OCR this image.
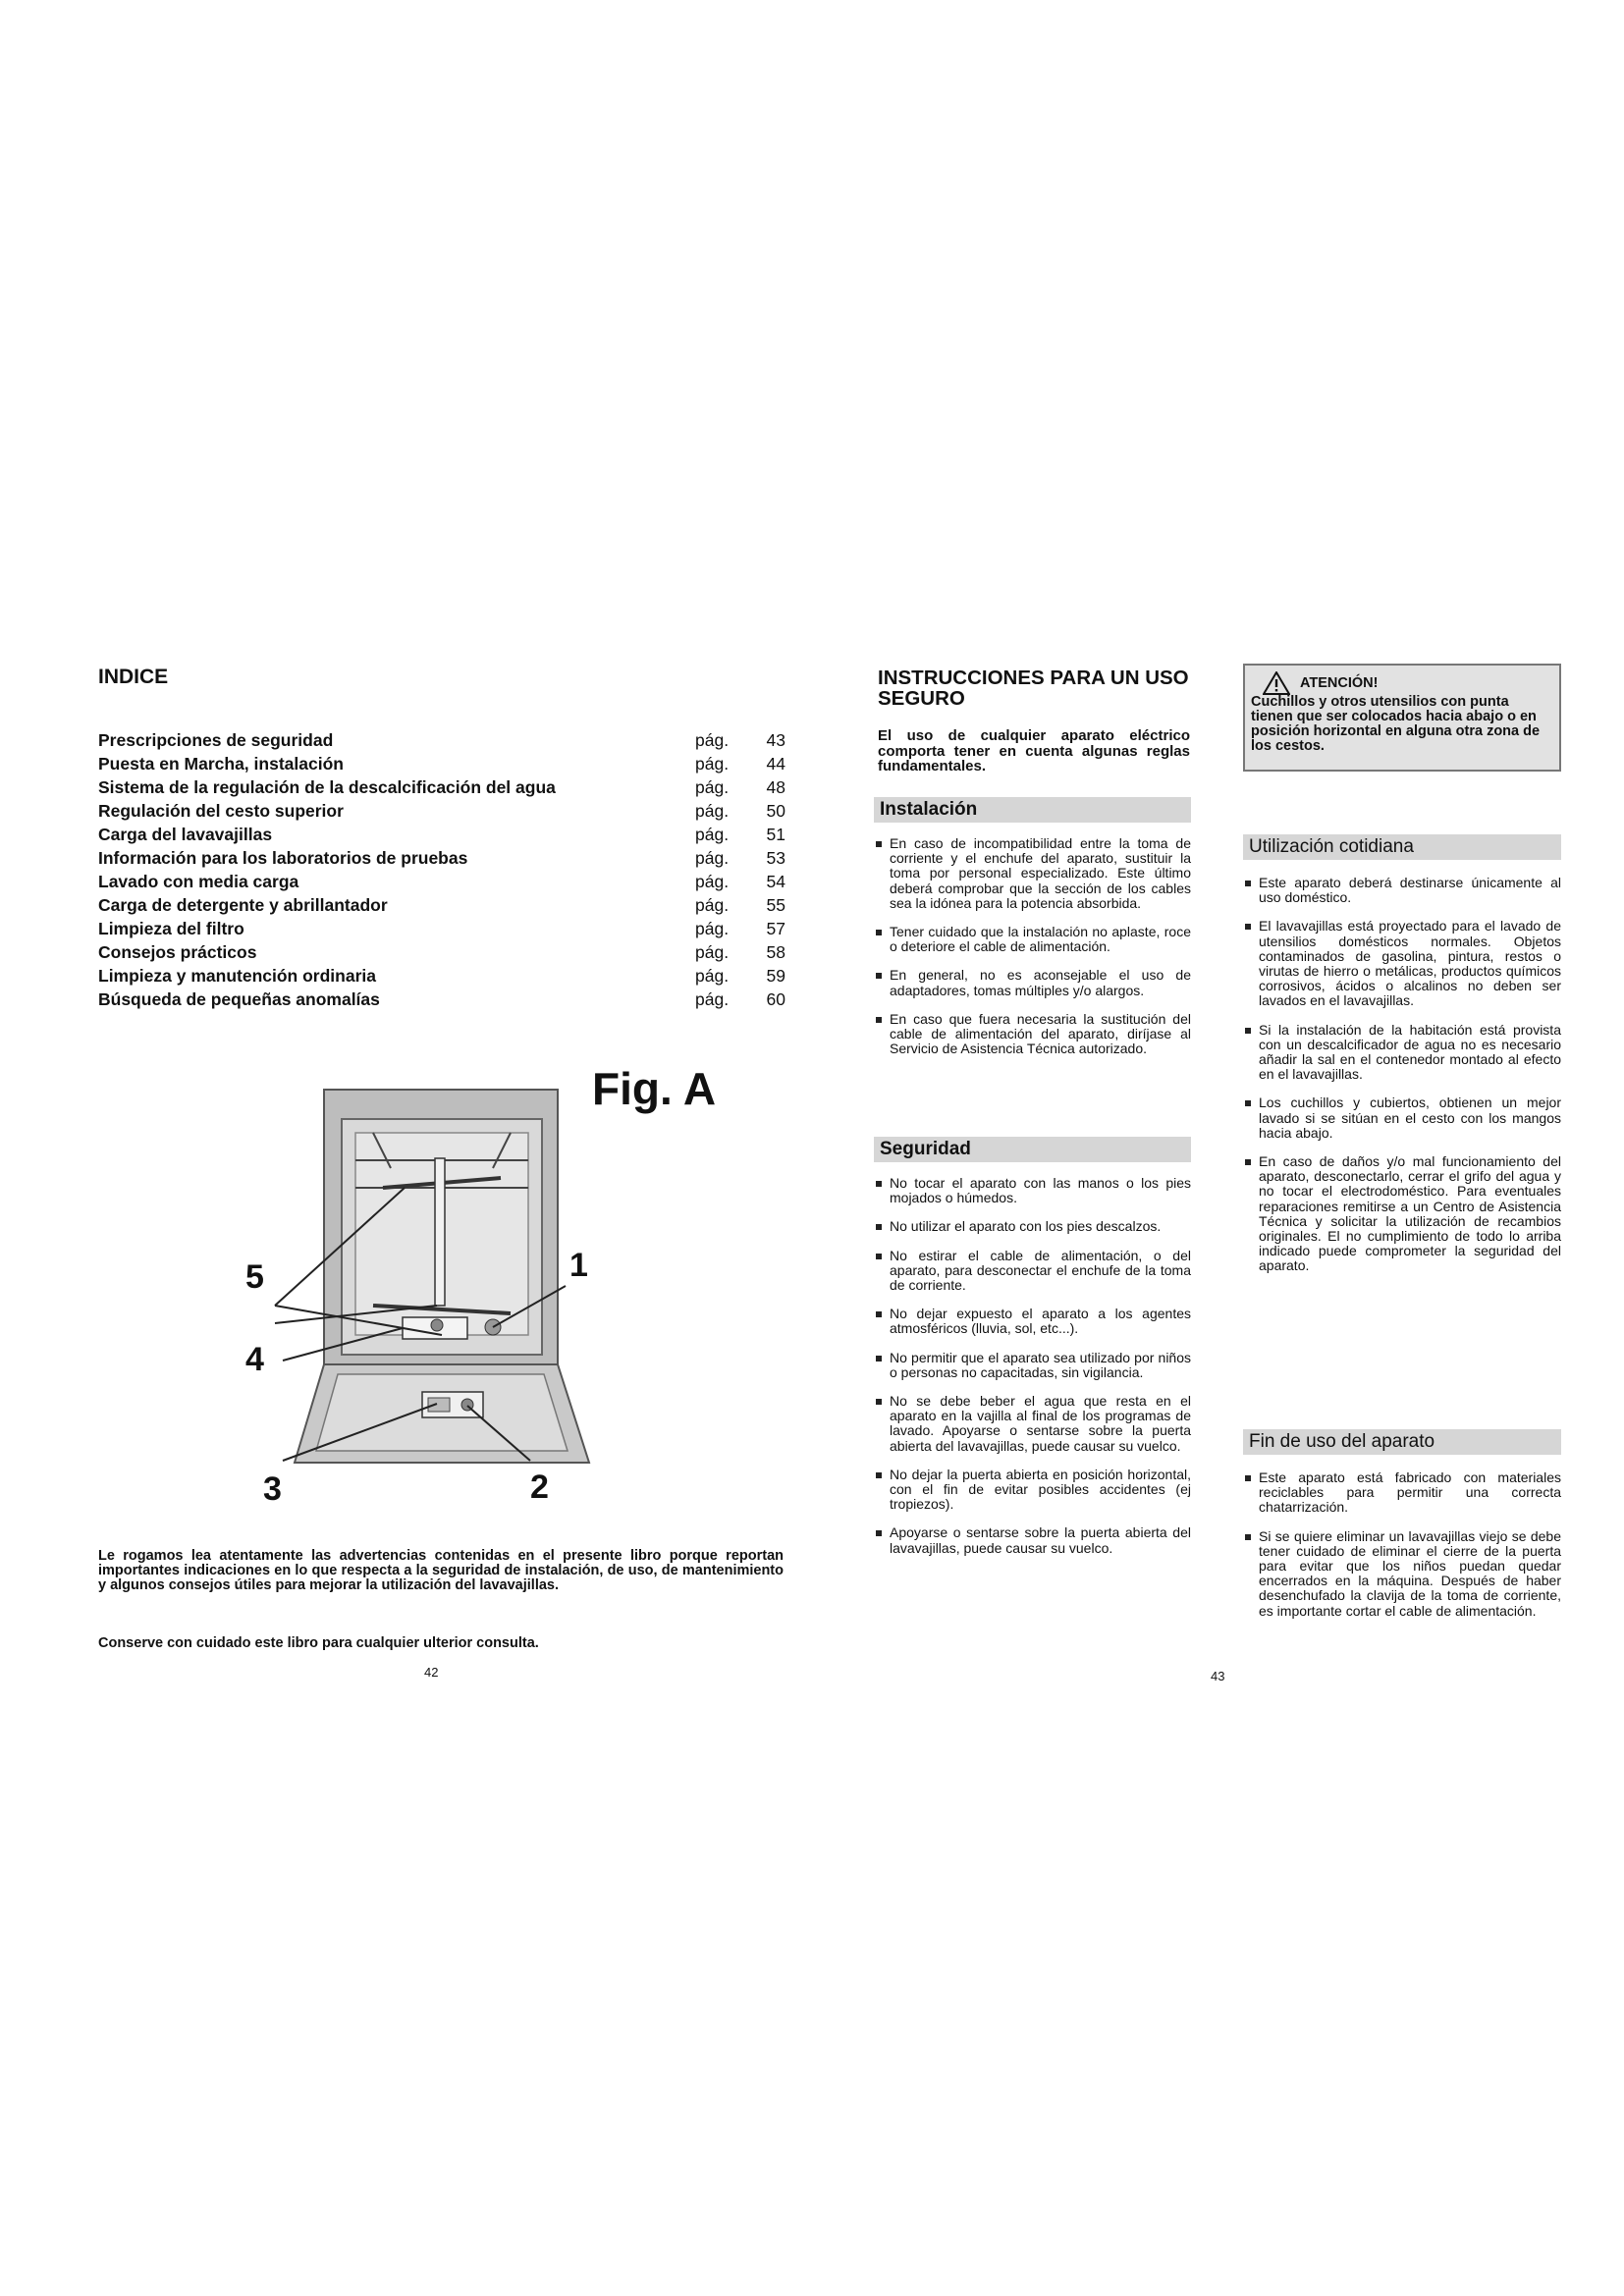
INDICE
Prescripciones de seguridad	pág.	43
Puesta en Marcha, instalación	pág.	44
Sistema de la regulación de la descalcificación del agua	pág.	48
Regulación del cesto superior	pág.	50
Carga del lavavajillas	pág.	51
Información para los laboratorios de pruebas	pág.	53
Lavado con media carga	pág.	54
Carga de detergente y abrillantador	pág.	55
Limpieza del filtro	pág.	57
Consejos prácticos	pág.	58
Limpieza y manutención ordinaria	pág.	59
Búsqueda de pequeñas anomalías	pág.	60
Fig. A
5	1
4
3	2
Le rogamos lea atentamente las advertencias contenidas en el presente libro porque reportan importantes indicaciones en lo que respecta a la seguridad de instalación, de uso, de mantenimiento y algunos consejos útiles para mejorar la utilización del lavavajillas.
Conserve con cuidado este libro para cualquier ulterior consulta.
42
INSTRUCCIONES PARA UN USO SEGURO
El uso de cualquier aparato eléctrico comporta tener en cuenta algunas reglas fundamentales.
Instalación
En caso de incompatibilidad entre la toma de corriente y el enchufe del aparato, sustituir la toma por personal especializado. Este último deberá comprobar que la sección de los cables sea la idónea para la potencia absorbida.
Tener cuidado que la instalación no aplaste, roce o deteriore el cable de alimentación.
En general, no es aconsejable el uso de adaptadores, tomas múltiples y/o alargos.
En caso que fuera necesaria la sustitución del cable de alimentación del aparato, diríjase al Servicio de Asistencia Técnica autorizado.
Seguridad
No tocar el aparato con las manos o los pies mojados o húmedos.
No utilizar el aparato con los pies descalzos.
No estirar el cable de alimentación, o del aparato, para desconectar el enchufe de la toma de corriente.
No dejar expuesto el aparato a los agentes atmosféricos (lluvia, sol, etc...).
No permitir que el aparato sea utilizado por niños o personas no capacitadas, sin vigilancia.
No se debe beber el agua que resta en el aparato en la vajilla al final de los programas de lavado. Apoyarse o sentarse sobre la puerta abierta del lavavajillas, puede causar su vuelco.
No dejar la puerta abierta en posición horizontal, con el fin de evitar posibles accidentes (ej tropiezos).
Apoyarse o sentarse sobre la puerta abierta del lavavajillas, puede causar su vuelco.
ATENCIÓN!
Cuchillos y otros utensilios con punta tienen que ser colocados hacia abajo o en posición horizontal en alguna otra zona de los cestos.
Utilización cotidiana
Este aparato deberá destinarse únicamente al uso doméstico.
El lavavajillas está proyectado para el lavado de utensilios domésticos normales. Objetos contaminados de gasolina, pintura, restos o virutas de hierro o metálicas, productos químicos corrosivos, ácidos o alcalinos no deben ser lavados en el lavavajillas.
Si la instalación de la habitación está provista con un descalcificador de agua no es necesario añadir la sal en el contenedor montado al efecto en el lavavajillas.
Los cuchillos y cubiertos, obtienen un mejor lavado si se sitúan en el cesto con los mangos hacia abajo.
En caso de daños y/o mal funcionamiento del aparato, desconectarlo, cerrar el grifo del agua y no tocar el electrodoméstico. Para eventuales reparaciones remitirse a un Centro de Asistencia Técnica y solicitar la utilización de recambios originales. El no cumplimiento de todo lo arriba indicado puede comprometer la seguridad del aparato.
Fin de uso del aparato
Este aparato está fabricado con materiales reciclables para permitir una correcta chatarrización.
Si se quiere eliminar un lavavajillas viejo se debe tener cuidado de eliminar el cierre de la puerta para evitar que los niños puedan quedar encerrados en la máquina. Después de haber desenchufado la clavija de la toma de corriente, es importante cortar el cable de alimentación.
43
